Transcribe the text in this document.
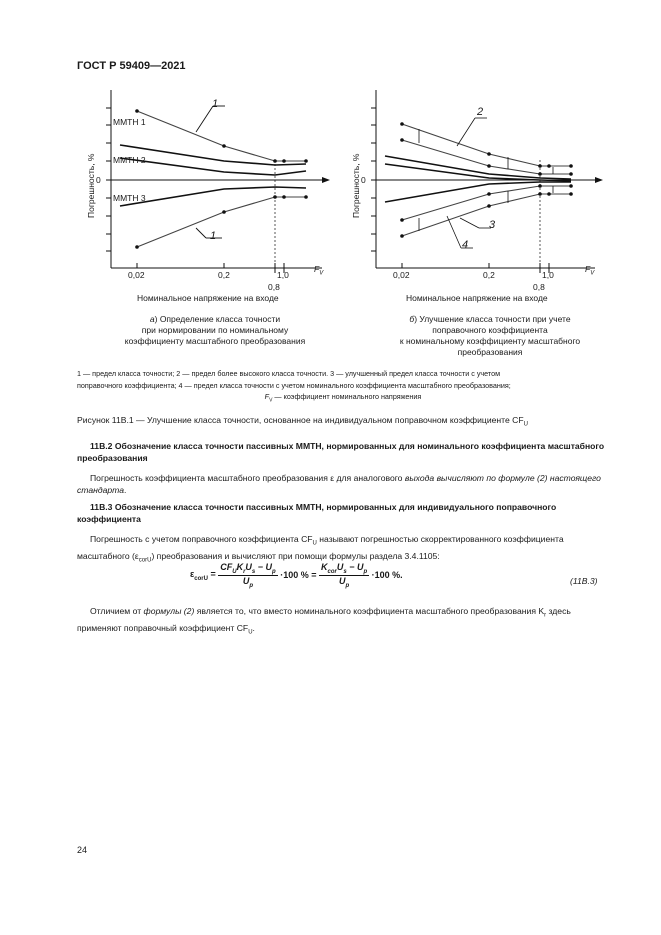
ГОСТ Р 59409—2021
ММТН 1
ММТН 2
ММТН 3
1
1
0
Погрешность, %
0,02	0,2	1,0
0,8
$F_V$
Номинальное напряжение на входе
а) Определение класса точности
при нормировании по номинальному
коэффициенту масштабного преобразования
2
3
4
0
Погрешность, %
0,02	0,2	1,0
0,8
$F_V$
Номинальное напряжение на входе
б) Улучшение класса точности при учете
поправочного коэффициента
к номинальному коэффициенту масштабного
преобразования
1 — предел класса точности; 2 — предел более высокого класса точности. 3 — улучшенный предел класса точности с учетом
поправочного коэффициента; 4 — предел класса точности с учетом номинального коэффициента масштабного преобразования;
$F_V$ — коэффициент номинального напряжения
Рисунок 11В.1 — Улучшение класса точности, основанное на индивидуальном поправочном коэффициенте $CF_U$
11В.2 Обозначение класса точности пассивных ММТН, нормированных для номинального коэффициента масштабного преобразования
Погрешность коэффициента масштабного преобразования ε для аналогового выхода вычисляют по формуле (2) настоящего стандарта.
11В.3 Обозначение класса точности пассивных ММТН, нормированных для индивидуального поправочного коэффициента
Погрешность с учетом поправочного коэффициента $CF_U$ называют погрешностью скорректированного коэффициента масштабного $(\varepsilon_{corU})$ преобразования и вычисляют при помощи формулы раздела 3.4.1105:
$\varepsilon_{corU}$ =
$CF_UK_rU_s - U_p$
$U_p$
·100 % =
$K_{cor}U_s - U_p$
$U_p$
·100 %.
(11В.3)
Отличием от формулы (2) является то, что вместо номинального коэффициента масштабного преобразования $K_r$ здесь применяют поправочный коэффициент $CF_U$.
24
